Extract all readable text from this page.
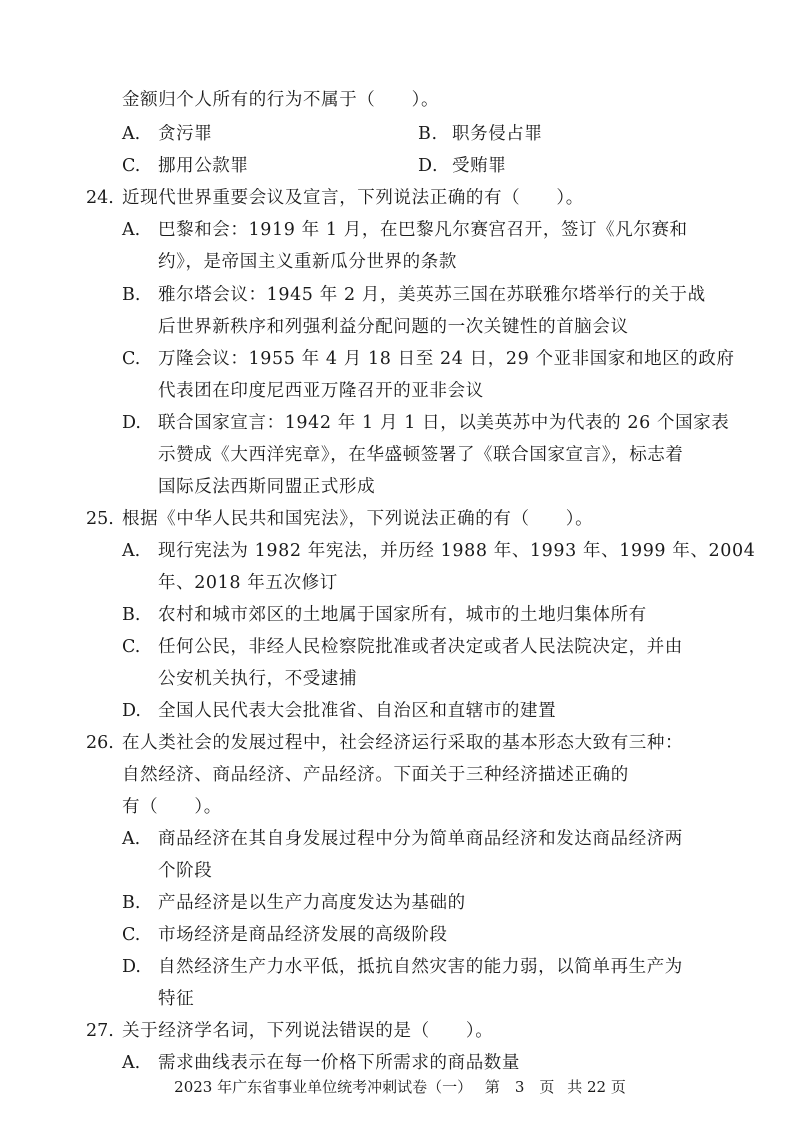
金额归个人所有的行为不属于（　　）。
A. 贪污罪	B. 职务侵占罪
C. 挪用公款罪	D. 受贿罪
24. 近现代世界重要会议及宣言，下列说法正确的有（　　）。
A. 巴黎和会：1919 年 1 月，在巴黎凡尔赛宫召开，签订《凡尔赛和
约》，是帝国主义重新瓜分世界的条款
B. 雅尔塔会议：1945 年 2 月，美英苏三国在苏联雅尔塔举行的关于战
后世界新秩序和列强利益分配问题的一次关键性的首脑会议
C. 万隆会议：1955 年 4 月 18 日至 24 日，29 个亚非国家和地区的政府
代表团在印度尼西亚万隆召开的亚非会议
D. 联合国家宣言：1942 年 1 月 1 日，以美英苏中为代表的 26 个国家表
示赞成《大西洋宪章》，在华盛顿签署了《联合国家宣言》，标志着
国际反法西斯同盟正式形成
25. 根据《中华人民共和国宪法》，下列说法正确的有（　　）。
A. 现行宪法为 1982 年宪法，并历经 1988 年、1993 年、1999 年、2004
年、2018 年五次修订
B. 农村和城市郊区的土地属于国家所有，城市的土地归集体所有
C. 任何公民，非经人民检察院批准或者决定或者人民法院决定，并由
公安机关执行，不受逮捕
D. 全国人民代表大会批准省、自治区和直辖市的建置
26. 在人类社会的发展过程中，社会经济运行采取的基本形态大致有三种：
自然经济、商品经济、产品经济。下面关于三种经济描述正确的
有（　　）。
A. 商品经济在其自身发展过程中分为简单商品经济和发达商品经济两
个阶段
B. 产品经济是以生产力高度发达为基础的
C. 市场经济是商品经济发展的高级阶段
D. 自然经济生产力水平低，抵抗自然灾害的能力弱，以简单再生产为
特征
27. 关于经济学名词，下列说法错误的是（　　）。
A. 需求曲线表示在每一价格下所需求的商品数量
2023 年广东省事业单位统考冲刺试卷（一） 第　3　页 共 22 页
